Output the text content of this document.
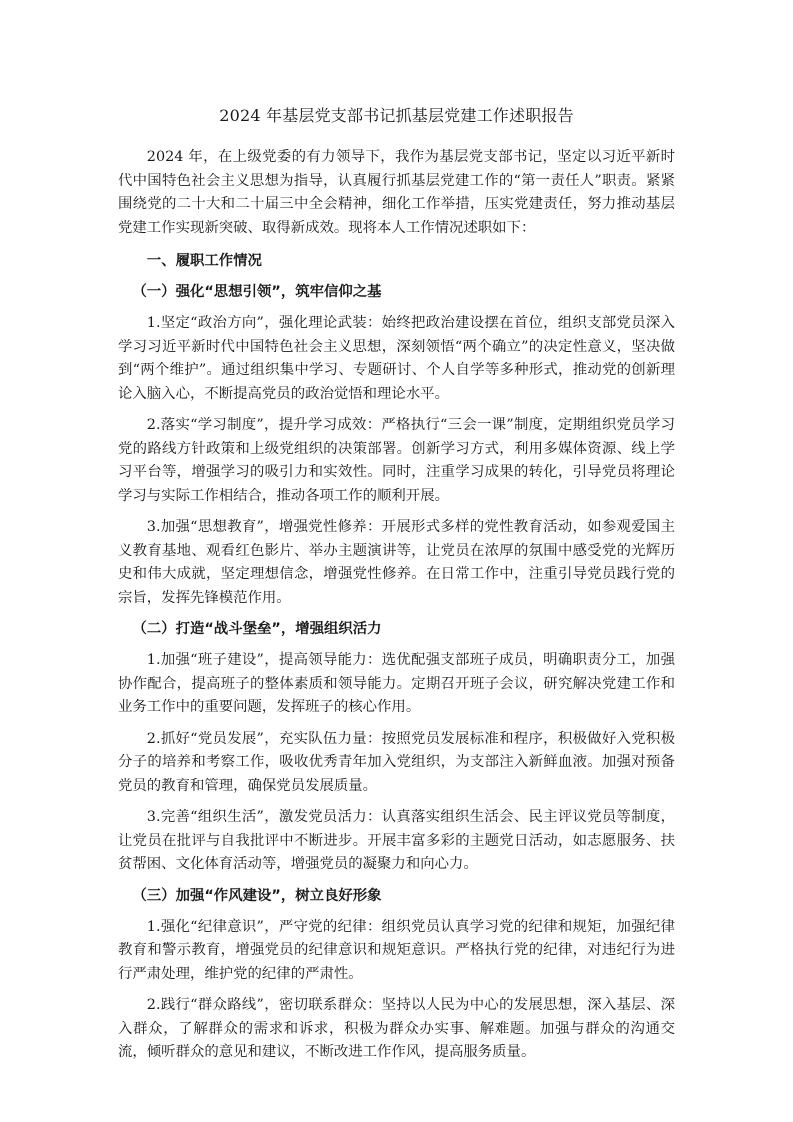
2024 年基层党支部书记抓基层党建工作述职报告

2024 年，在上级党委的有力领导下，我作为基层党支部书记，坚定以习近平新时代中国特色社会主义思想为指导，认真履行抓基层党建工作的“第一责任人”职责。紧紧围绕党的二十大和二十届三中全会精神，细化工作举措，压实党建责任，努力推动基层党建工作实现新突破、取得新成效。现将本人工作情况述职如下：

一、履职工作情况
（一）强化“思想引领”，筑牢信仰之基

1.坚定“政治方向”，强化理论武装：始终把政治建设摆在首位，组织支部党员深入学习习近平新时代中国特色社会主义思想，深刻领悟“两个确立”的决定性意义，坚决做到“两个维护”。通过组织集中学习、专题研讨、个人自学等多种形式，推动党的创新理论入脑入心，不断提高党员的政治觉悟和理论水平。

2.落实“学习制度”，提升学习成效：严格执行“三会一课”制度，定期组织党员学习党的路线方针政策和上级党组织的决策部署。创新学习方式，利用多媒体资源、线上学习平台等，增强学习的吸引力和实效性。同时，注重学习成果的转化，引导党员将理论学习与实际工作相结合，推动各项工作的顺利开展。

3.加强“思想教育”，增强党性修养：开展形式多样的党性教育活动，如参观爱国主义教育基地、观看红色影片、举办主题演讲等，让党员在浓厚的氛围中感受党的光辉历史和伟大成就，坚定理想信念，增强党性修养。在日常工作中，注重引导党员践行党的宗旨，发挥先锋模范作用。

（二）打造“战斗堡垒”，增强组织活力

1.加强“班子建设”，提高领导能力：选优配强支部班子成员，明确职责分工，加强协作配合，提高班子的整体素质和领导能力。定期召开班子会议，研究解决党建工作和业务工作中的重要问题，发挥班子的核心作用。

2.抓好“党员发展”，充实队伍力量：按照党员发展标准和程序，积极做好入党积极分子的培养和考察工作，吸收优秀青年加入党组织，为支部注入新鲜血液。加强对预备党员的教育和管理，确保党员发展质量。

3.完善“组织生活”，激发党员活力：认真落实组织生活会、民主评议党员等制度，让党员在批评与自我批评中不断进步。开展丰富多彩的主题党日活动，如志愿服务、扶贫帮困、文化体育活动等，增强党员的凝聚力和向心力。

（三）加强“作风建设”，树立良好形象

1.强化“纪律意识”，严守党的纪律：组织党员认真学习党的纪律和规矩，加强纪律教育和警示教育，增强党员的纪律意识和规矩意识。严格执行党的纪律，对违纪行为进行严肃处理，维护党的纪律的严肃性。

2.践行“群众路线”，密切联系群众：坚持以人民为中心的发展思想，深入基层、深入群众，了解群众的需求和诉求，积极为群众办实事、解难题。加强与群众的沟通交流，倾听群众的意见和建议，不断改进工作作风，提高服务质量。
